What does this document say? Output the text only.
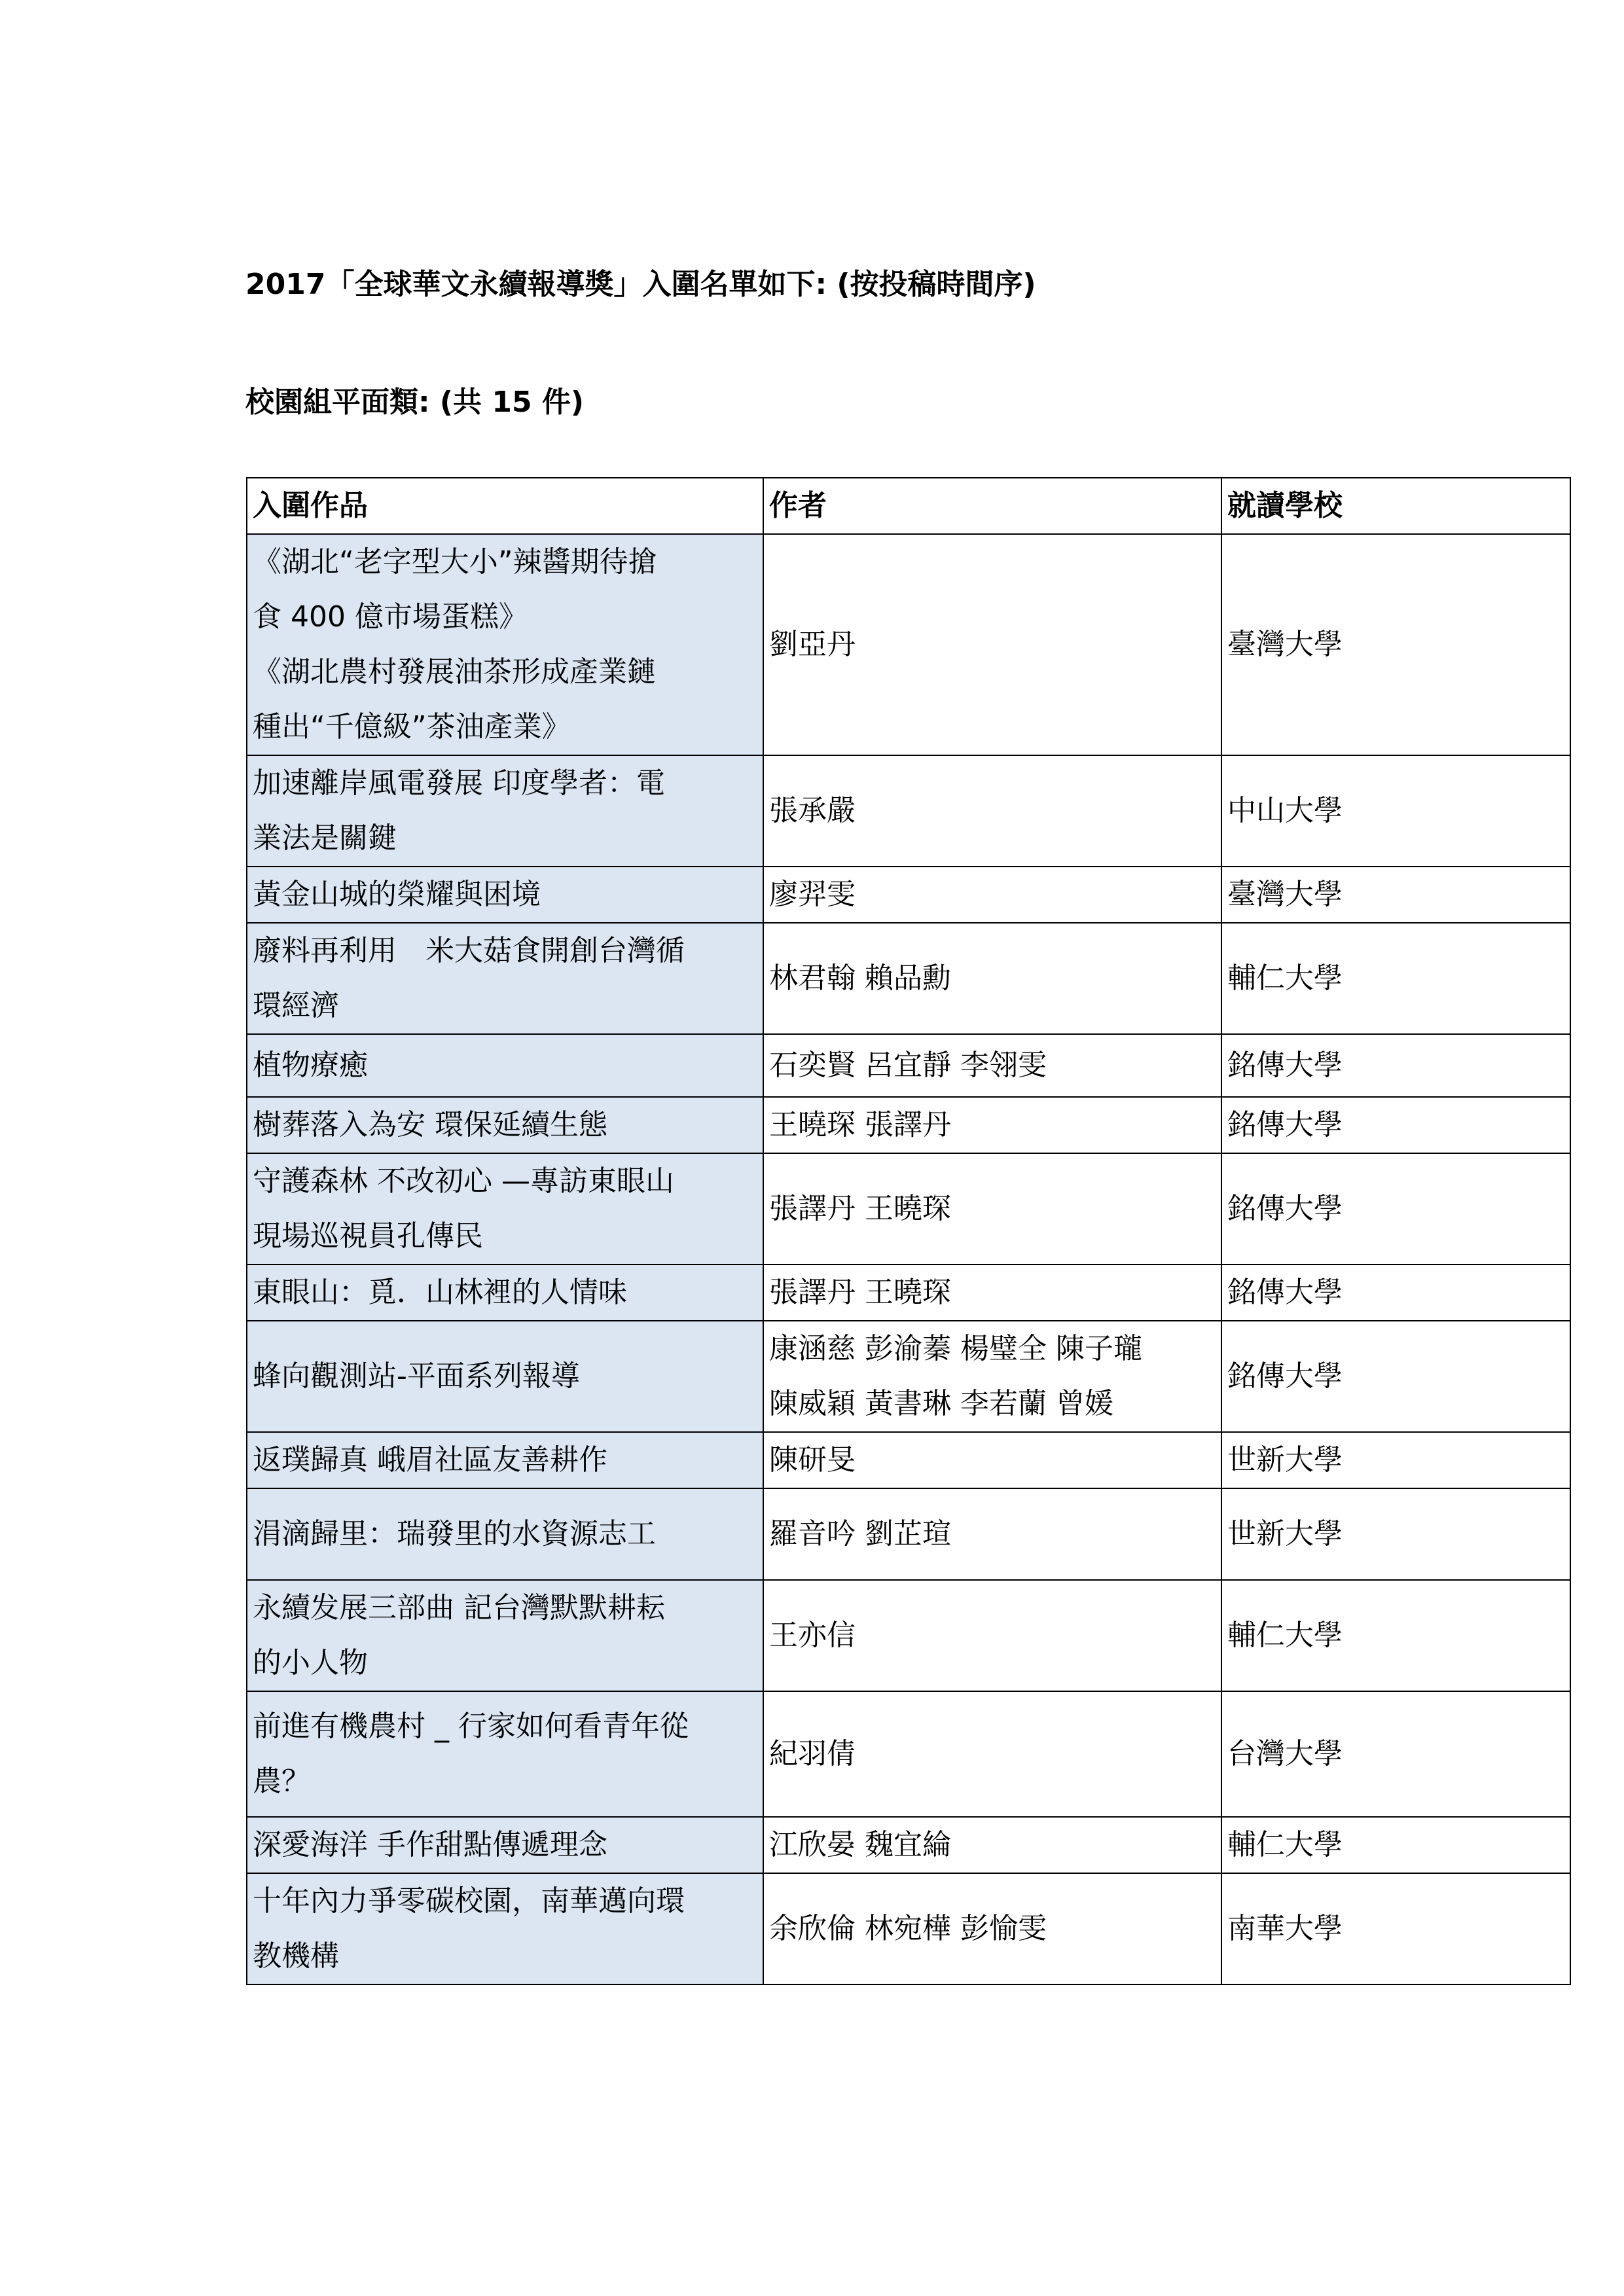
2017「全球華文永續報導獎」入圍名單如下: (按投稿時間序)
校園組平面類: (共 15 件)
入圍作品	作者	就讀學校

《湖北“老字型大小”辣醬期待搶
食 400 億市場蛋糕》
《湖北農村發展油茶形成產業鏈
種出“千億級”茶油產業》	劉亞丹	臺灣大學

加速離岸風電發展 印度學者：電
業法是關鍵	張承嚴	中山大學

黃金山城的榮耀與困境	廖羿雯	臺灣大學

廢料再利用　米大菇食開創台灣循
環經濟	林君翰 賴品勳	輔仁大學

植物療癒	石奕賢 呂宜靜 李翎雯	銘傳大學

樹葬落入為安 環保延續生態	王曉琛 張譯丹	銘傳大學

守護森林 不改初心 —專訪東眼山
現場巡視員孔傳民	張譯丹 王曉琛	銘傳大學

東眼山：覓．山林裡的人情味	張譯丹 王曉琛	銘傳大學

蜂向觀測站-平面系列報導	康涵慈 彭渝蓁 楊璧全 陳子瓏
陳威穎 黃書琳 李若蘭 曾媛	銘傳大學

返璞歸真 峨眉社區友善耕作	陳研旻	世新大學

涓滴歸里：瑞發里的水資源志工	羅音吟 劉芷瑄	世新大學

永續发展三部曲 記台灣默默耕耘
的小人物	王亦信	輔仁大學

前進有機農村 _ 行家如何看青年從
農？	紀羽倩	台灣大學

深愛海洋 手作甜點傳遞理念	江欣晏 魏宜綸	輔仁大學

十年內力爭零碳校園，南華邁向環
教機構	余欣倫 林宛樺 彭愉雯	南華大學
